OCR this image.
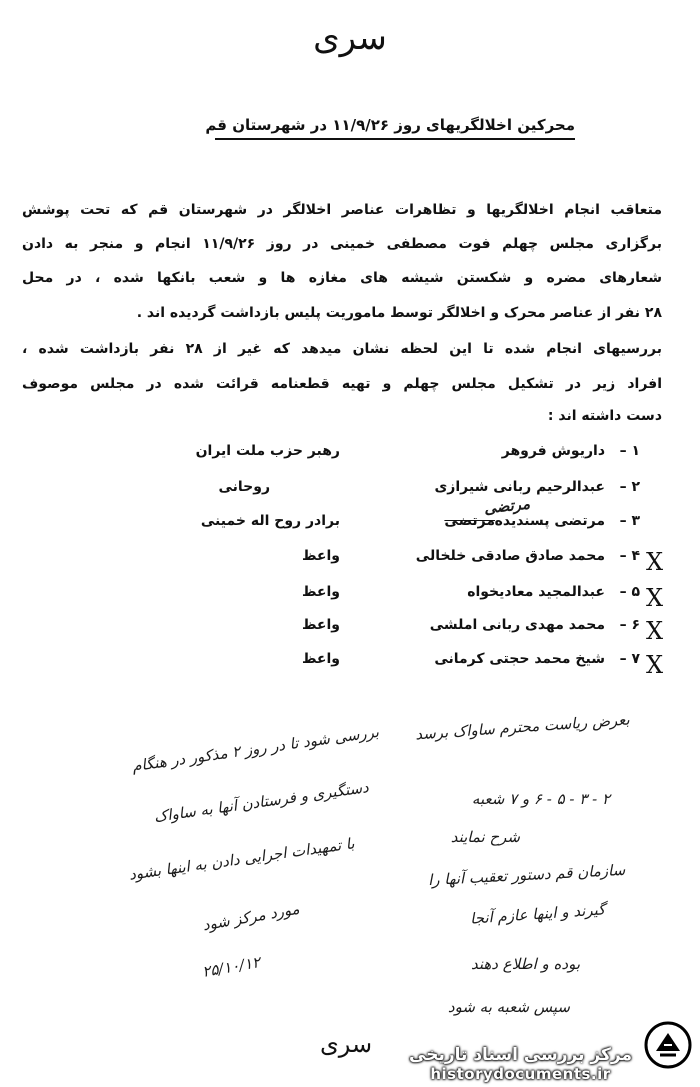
سری
محرکین اخلالگریهای روز ۱۱/۹/۲۶ در شهرستان قم
متعاقب انجام اخلالگریها و تظاهرات عناصر اخلالگر در شهرستان قم که تحت پوشش
برگزاری مجلس چهلم فوت مصطفی خمینی در روز ۱۱/۹/۲۶ انجام و منجر به دادن
شعارهای مضره و شکستن شیشه های مغازه ها و شعب بانکها شده ، در محل
۲۸ نفر از عناصر محرک و اخلالگر توسط ماموریت پلیس بازداشت گردیده اند .
بررسیهای انجام شده تا این لحظه نشان میدهد که غیر از ۲۸ نفر بازداشت شده ،
افراد زیر در تشکیل مجلس چهلم و تهیه قطعنامه قرائت شده در مجلس موصوف
دست داشته اند :
۱ –
داریوش فروهر
رهبر حزب ملت ایران
۲ –
عبدالرحیم ربانی شیرازی
روحانی
۳ –
مرتضی پسندیده
مرتضی
مرتضی
برادر روح اله خمینی
X
۴ –
محمد صادق صادقی خلخالی
واعظ
X
۵ –
عبدالمجید معادیخواه
واعظ
X
۶ –
محمد مهدی ربانی املشی
واعظ
X
۷ –
شیخ محمد حجتی کرمانی
واعظ
بررسی شود تا در روز ۲ مذکور در هنگام
دستگیری و فرستادن آنها به ساواک
با تمهیدات اجرایی دادن به اینها بشود
مورد مرکز شود
۲۵/۱۰/۱۲
بعرض ریاست محترم ساواک برسد
۲ - ۳ - ۵ - ۶ و ۷ شعبه
شرح نمایند
سازمان قم دستور تعقیب آنها را
گیرند و اینها عازم آنجا
بوده و اطلاع دهند
سپس شعبه به شود
سری مرکز بررسی اسناد تاریخی
historydocuments.ir
